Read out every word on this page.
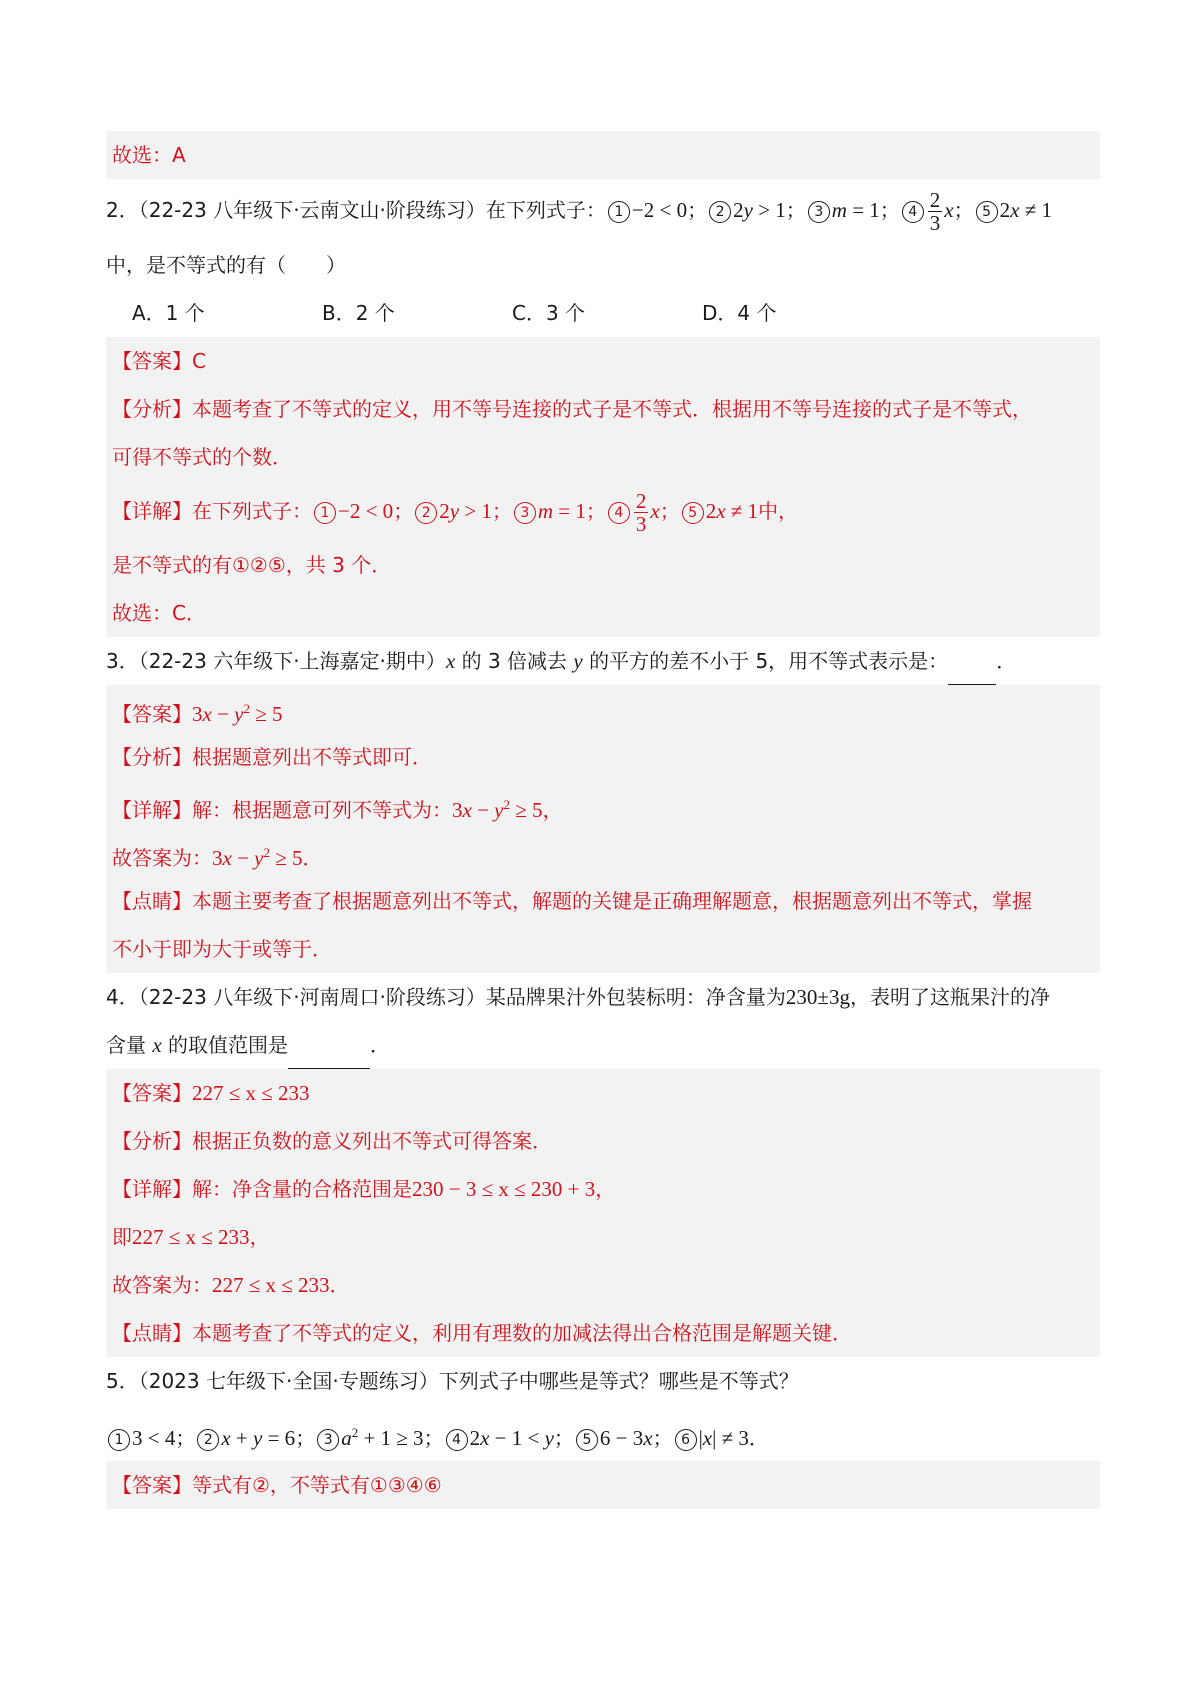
故选：A
2．（22-23 八年级下·云南文山·阶段练习）在下列式子： 1 −2 < 0； 2 2y > 1； 3 m = 1； $4 \frac{2}{3}$ x； 5 2x ≠ 1
中，是不等式的有（　　）
A．1 个	B．2 个	C．3 个	D．4 个
【答案】C
【分析】本题考查了不等式的定义，用不等号连接的式子是不等式．根据用不等号连接的式子是不等式，
可得不等式的个数．
【详解】在下列式子： 1 −2 < 0； 2 2y > 1； 3 m = 1； $4 \frac{2}{3}$ x； 5 2x ≠ 1中，
是不等式的有①②⑤，共 3 个．
故选：C．
3．（22-23 六年级下·上海嘉定·期中）x 的 3 倍减去 y 的平方的差不小于 5，用不等式表示是： ．
【答案】$3x - y^2 \ge 5$
【分析】根据题意列出不等式即可．
【详解】解：根据题意可列不等式为：$3x - y^2 \ge 5$，
故答案为：$3x - y^2 \ge 5$．
【点睛】本题主要考查了根据题意列出不等式，解题的关键是正确理解题意，根据题意列出不等式，掌握
不小于即为大于或等于．
4．（22-23 八年级下·河南周口·阶段练习）某品牌果汁外包装标明：净含量为230±3g，表明了这瓶果汁的净
含量 x 的取值范围是	．
【答案】227 ≤ x ≤ 233
【分析】根据正负数的意义列出不等式可得答案．
【详解】解：净含量的合格范围是230 − 3 ≤ x ≤ 230 + 3，
即227 ≤ x ≤ 233，
故答案为：227 ≤ x ≤ 233．
【点睛】本题考查了不等式的定义，利用有理数的加减法得出合格范围是解题关键．
5．（2023 七年级下·全国·专题练习）下列式子中哪些是等式？哪些是不等式？
1 3 < 4； 2 x + y = 6； 3 $a^2 + 1 \ge 3$； 4 2x − 1 < y； 5 6 − 3x； 6 |x| ≠ 3．
【答案】等式有②，不等式有①③④⑥
